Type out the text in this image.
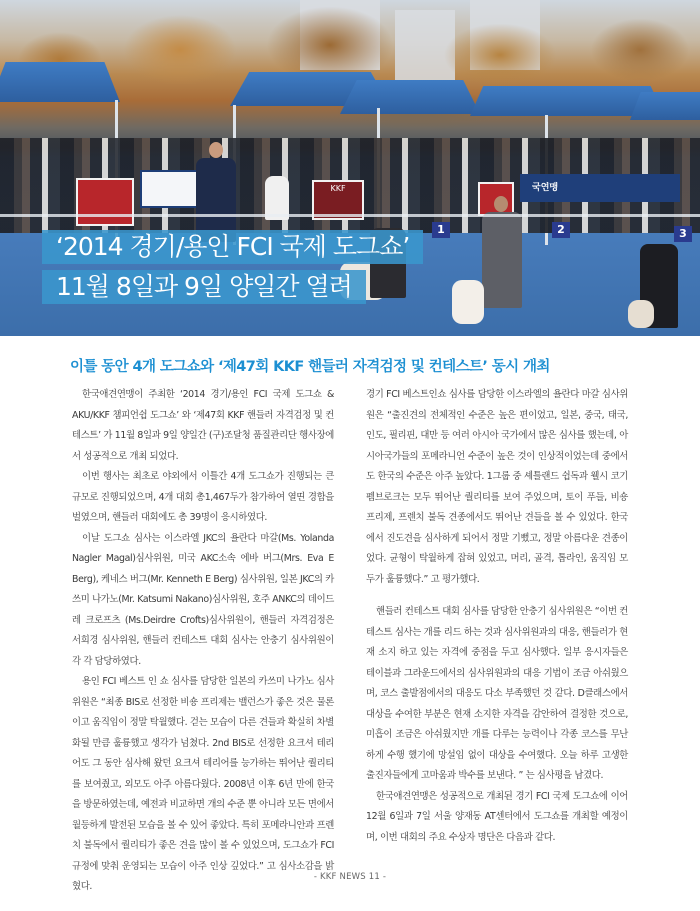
KKF	국연맹
1	2	3
‘2014 경기/용인 FCI 국제 도그쇼’
11월 8일과 9일 양일간 열려
이틀 동안 4개 도그쇼와 ‘제47회 KKF 핸들러 자격검정 및 컨테스트’ 동시 개최

한국애견연맹이 주최한 ‘2014 경기/용인 FCI 국제 도그쇼 & AKU/KKF 챔피언쉽 도그쇼’ 와 ‘제47회 KKF 핸들러 자격검정 및 컨테스트’ 가 11월 8일과 9일 양일간 (구)조달청 품질관리단 행사장에서 성공적으로 개최 되었다.

이번 행사는 최초로 야외에서 이틀간 4개 도그쇼가 진행되는 큰 규모로 진행되었으며, 4개 대회 총1,467두가 참가하여 열띤 경합을 벌였으며, 핸들러 대회에도 총 39명이 응시하였다.

이날 도그쇼 심사는 이스라엘 JKC의 욜란다 마갈(Ms. Yolanda Nagler Magal)심사위원, 미국 AKC소속 에바 버그(Mrs. Eva E Berg), 케네스 버그(Mr. Kenneth E Berg) 심사위원, 일본 JKC의 카쓰미 나가노(Mr. Katsumi Nakano)심사위원, 호주 ANKC의 데이드레 크로프츠 (Ms.Deirdre Crofts)심사위원이, 핸들러 자격검정은 서희경 심사위원, 핸들러 컨테스트 대회 심사는 안충기 심사위원이 각 각 담당하였다.

용인 FCI 베스트 인 쇼 심사를 담당한 일본의 카쓰미 나가노 심사위원은 “최종 BIS로 선정한 비숑 프리제는 밸런스가 좋은 것은 물론이고 움직임이 정말 탁월했다. 걷는 모습이 다른 견들과 확실히 차별화될 만큼 훌륭했고 생각가 넘쳤다. 2nd BIS로 선정한 요크셔 테리어도 그 동안 심사해 왔던 요크셔 테리어를 능가하는 뛰어난 퀄리티를 보여줬고, 외모도 아주 아름다웠다. 2008년 이후 6년 만에 한국을 방문하였는데, 예전과 비교하면 개의 수준 뿐 아니라 모든 면에서 월등하게 발전된 모습을 볼 수 있어 좋았다. 특히 포메라니안과 프렌치 불독에서 퀄리티가 좋은 견을 많이 볼 수 있었으며, 도그쇼가 FCI 규정에 맞춰 운영되는 모습이 아주 인상 깊었다.” 고 심사소감을 밝혔다.

경기 FCI 베스트인쇼 심사를 담당한 이스라엘의 욜란다 마갈 심사위원은 “출진견의 전체적인 수준은 높은 편이었고, 일본, 중국, 태국, 인도, 필리핀, 대만 등 여러 아시아 국가에서 많은 심사를 했는데, 아시아국가들의 포메라니언 수준이 높은 것이 인상적이었는데 중에서도 한국의 수준은 아주 높았다. 1그룹 중 셰틀랜드 쉽독과 웰시 코기 펨브로크는 모두 뛰어난 퀄리티를 보여 주었으며, 토이 푸들, 비숑 프리제, 프렌치 불독 견종에서도 뛰어난 견들을 볼 수 있었다. 한국에서 진도견을 심사하게 되어서 정말 기뻤고, 정말 아름다운 견종이었다. 균형이 탁월하게 잡혀 있었고, 머리, 골격, 톱라인, 움직임 모두가 훌륭했다.” 고 평가했다.

핸들러 컨테스트 대회 심사를 담당한 안충기 심사위원은 “이번 컨테스트 심사는 개를 리드 하는 것과 심사위원과의 대응, 핸들러가 현재 소지 하고 있는 자격에 중점을 두고 심사했다. 일부 응시자들은 테이블과 그라운드에서의 심사위원과의 대응 기법이 조금 아쉬웠으며, 코스 출발점에서의 대응도 다소 부족했던 것 같다. D클래스에서 대상을 수여한 부분은 현재 소지한 자격을 감안하여 결정한 것으로, 미흡이 조금은 아쉬웠지만 개를 다루는 능력이나 각종 코스를 무난하게 수행 했기에 망설임 없이 대상을 수여했다. 오늘 하루 고생한 출진자들에게 고마움과 박수를 보낸다. ” 는 심사평을 남겼다.

한국애견연맹은 성공적으로 개최된 경기 FCI 국제 도그쇼에 이어 12월 6일과 7일 서울 양재동 AT센터에서 도그쇼를 개최할 예정이며, 이번 대회의 주요 수상자 명단은 다음과 같다.

- KKF NEWS 11 -
